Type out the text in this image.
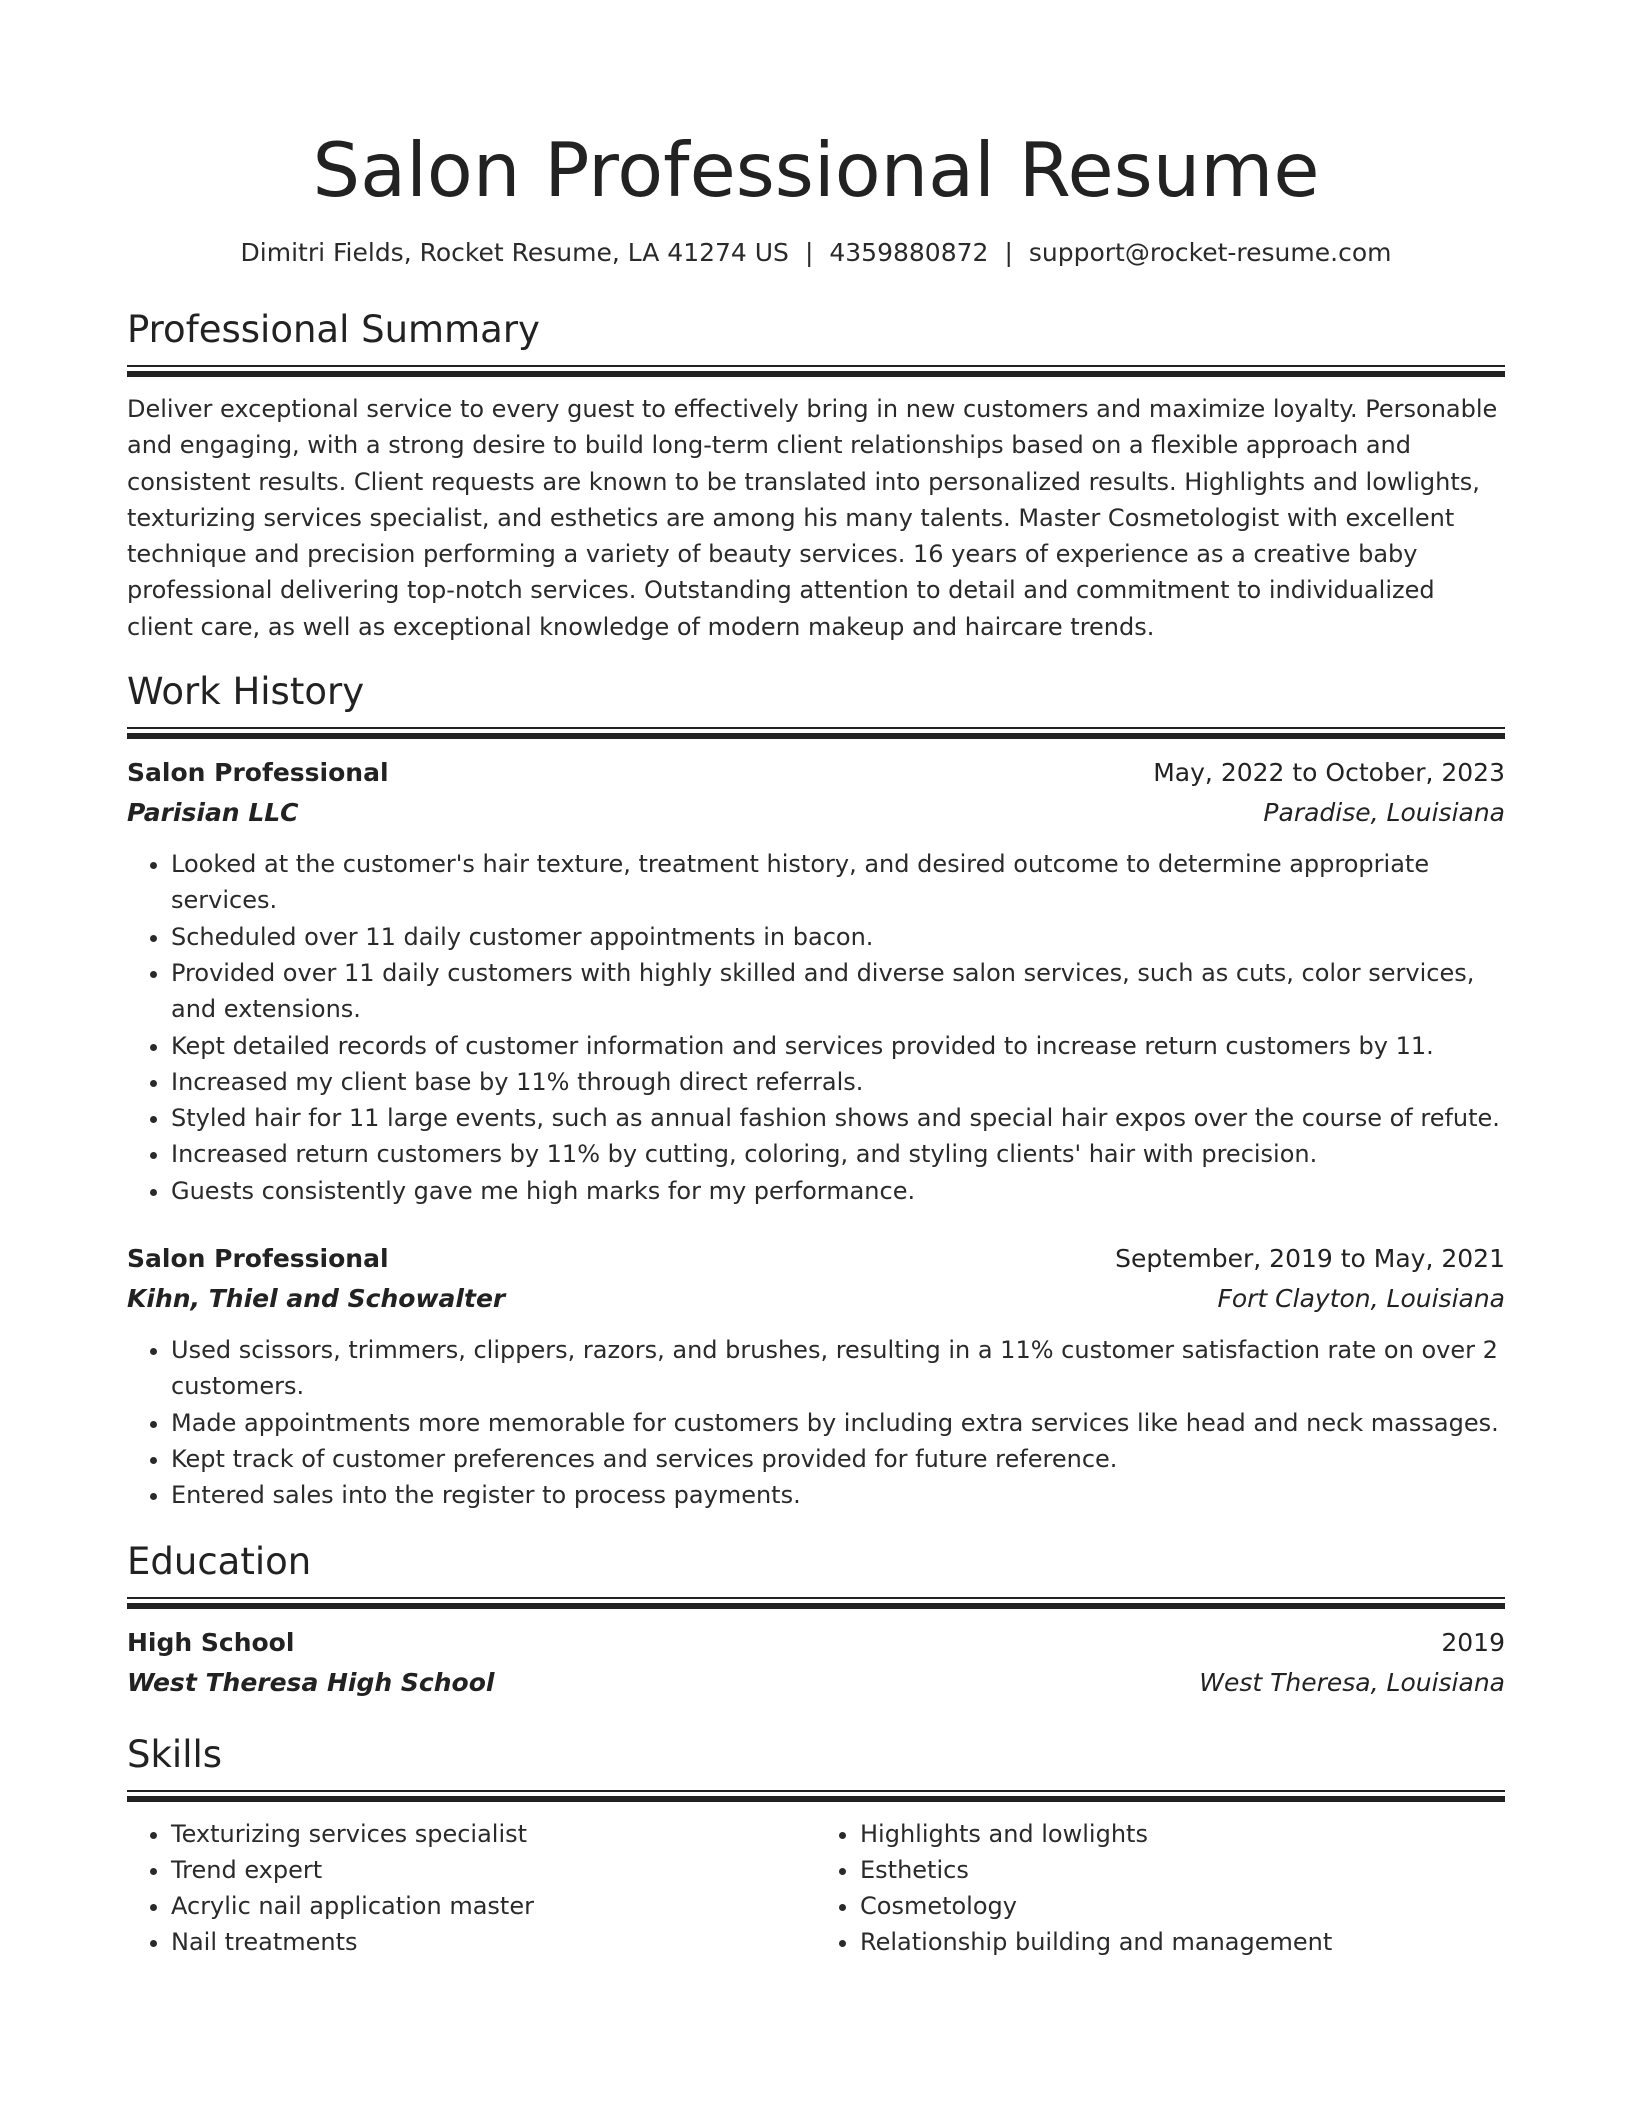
Salon Professional Resume
Dimitri Fields, Rocket Resume, LA 41274 US | 4359880872 | support@rocket-resume.com
Professional Summary
Deliver exceptional service to every guest to effectively bring in new customers and maximize loyalty. Personable and engaging, with a strong desire to build long-term client relationships based on a flexible approach and consistent results. Client requests are known to be translated into personalized results. Highlights and lowlights, texturizing services specialist, and esthetics are among his many talents. Master Cosmetologist with excellent technique and precision performing a variety of beauty services. 16 years of experience as a creative baby professional delivering top-notch services. Outstanding attention to detail and commitment to individualized client care, as well as exceptional knowledge of modern makeup and haircare trends.
Work History
Salon Professional	May, 2022 to October, 2023
Parisian LLC	Paradise, Louisiana
• Looked at the customer's hair texture, treatment history, and desired outcome to determine appropriate services.
• Scheduled over 11 daily customer appointments in bacon.
• Provided over 11 daily customers with highly skilled and diverse salon services, such as cuts, color services, and extensions.
• Kept detailed records of customer information and services provided to increase return customers by 11.
• Increased my client base by 11% through direct referrals.
• Styled hair for 11 large events, such as annual fashion shows and special hair expos over the course of refute.
• Increased return customers by 11% by cutting, coloring, and styling clients' hair with precision.
• Guests consistently gave me high marks for my performance.
Salon Professional	September, 2019 to May, 2021
Kihn, Thiel and Schowalter	Fort Clayton, Louisiana
• Used scissors, trimmers, clippers, razors, and brushes, resulting in a 11% customer satisfaction rate on over 2 customers.
• Made appointments more memorable for customers by including extra services like head and neck massages.
• Kept track of customer preferences and services provided for future reference.
• Entered sales into the register to process payments.
Education
High School	2019
West Theresa High School	West Theresa, Louisiana
Skills
• Texturizing services specialist
• Trend expert
• Acrylic nail application master
• Nail treatments
• Highlights and lowlights
• Esthetics
• Cosmetology
• Relationship building and management
